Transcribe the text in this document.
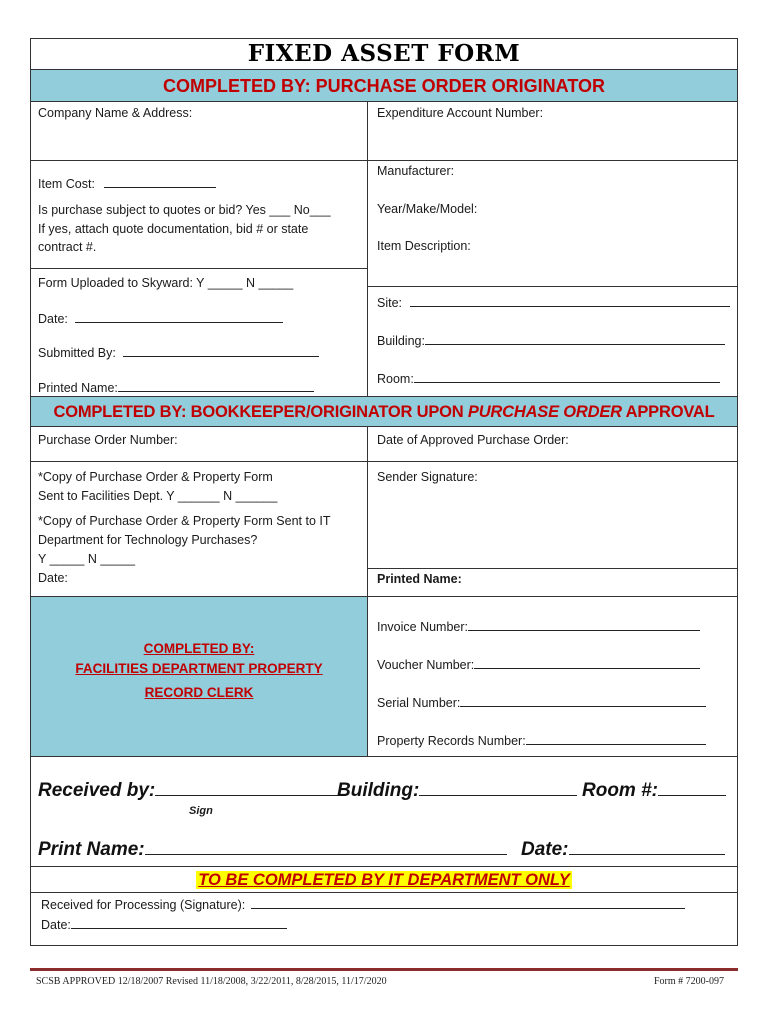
FIXED ASSET FORM
COMPLETED BY: PURCHASE ORDER ORIGINATOR
Company Name & Address:
Item Cost:
Is purchase subject to quotes or bid? Yes ___ No___
If yes, attach quote documentation, bid # or state
contract #.
Form Uploaded to Skyward: Y _____ N _____
Date:
Submitted By:
Printed Name:
Expenditure Account Number:
Manufacturer:
Year/Make/Model:
Item Description:
Site:
Building:
Room:
COMPLETED BY: BOOKKEEPER/ORIGINATOR UPON PURCHASE ORDER APPROVAL
Purchase Order Number:	Date of Approved Purchase Order:
*Copy of Purchase Order & Property Form
Sent to Facilities Dept. Y ______ N ______
*Copy of Purchase Order & Property Form Sent to IT
Department for Technology Purchases?
Y _____ N _____
Date:
Sender Signature:
Printed Name:
COMPLETED BY:
FACILITIES DEPARTMENT PROPERTY
RECORD CLERK
Invoice Number:
Voucher Number:
Serial Number:
Property Records Number:
Received by:	Building:	Room #:
Sign
Print Name:	Date:
TO BE COMPLETED BY IT DEPARTMENT ONLY
Received for Processing (Signature):
Date:
SCSB APPROVED 12/18/2007 Revised 11/18/2008, 3/22/2011, 8/28/2015, 11/17/2020	Form # 7200-097
